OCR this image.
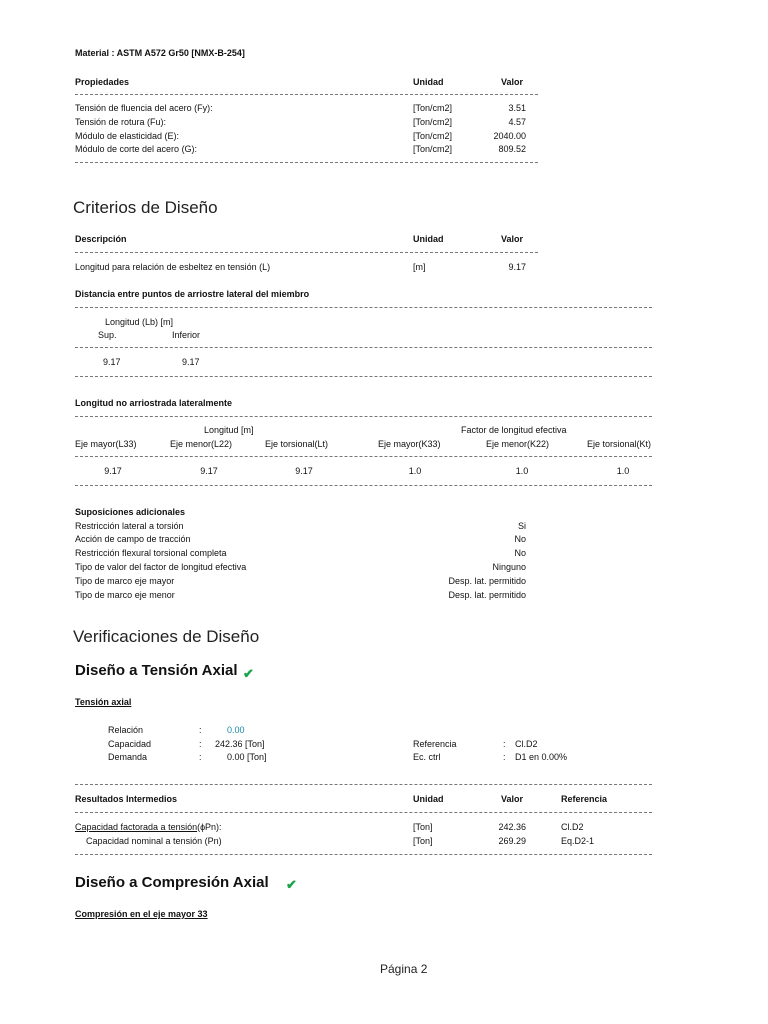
Material : ASTM A572 Gr50 [NMX-B-254]
Propiedades	Unidad	Valor
Tensión de fluencia del acero (Fy):	[Ton/cm2]	3.51
Tensión de rotura (Fu):	[Ton/cm2]	4.57
Módulo de elasticidad (E):	[Ton/cm2]	2040.00
Módulo de corte del acero (G):	[Ton/cm2]	809.52
Criterios de Diseño
Descripción	Unidad	Valor
Longitud para relación de esbeltez en tensión (L)	[m]	9.17
Distancia entre puntos de arriostre lateral del miembro
Longitud (Lb) [m]
Sup.	Inferior
9.17	9.17
Longitud no arriostrada lateralmente
Longitud [m]	Factor de longitud efectiva
Eje mayor(L33)	Eje menor(L22)	Eje torsional(Lt)	Eje mayor(K33)	Eje menor(K22)	Eje torsional(Kt)
9.17	9.17	9.17	1.0	1.0	1.0
Suposiciones adicionales
Restricción lateral a torsión	Si
Acción de campo de tracción	No
Restricción flexural torsional completa	No
Tipo de valor del factor de longitud efectiva	Ninguno
Tipo de marco eje mayor	Desp. lat. permitido
Tipo de marco eje menor	Desp. lat. permitido
Verificaciones de Diseño
Diseño a Tensión Axial ✔
Tensión axial
Relación	:	0.00
Capacidad	: 242.36 [Ton]
Demanda	:	0.00 [Ton]
Referencia	: Cl.D2
Ec. ctrl	: D1 en 0.00%
Resultados Intermedios	Unidad	Valor	Referencia
Capacidad factorada a tensión(ɸPn):	[Ton]	242.36	Cl.D2
Capacidad nominal a tensión (Pn)	[Ton]	269.29	Eq.D2-1
Diseño a Compresión Axial ✔
Compresión en el eje mayor 33
Página 2
